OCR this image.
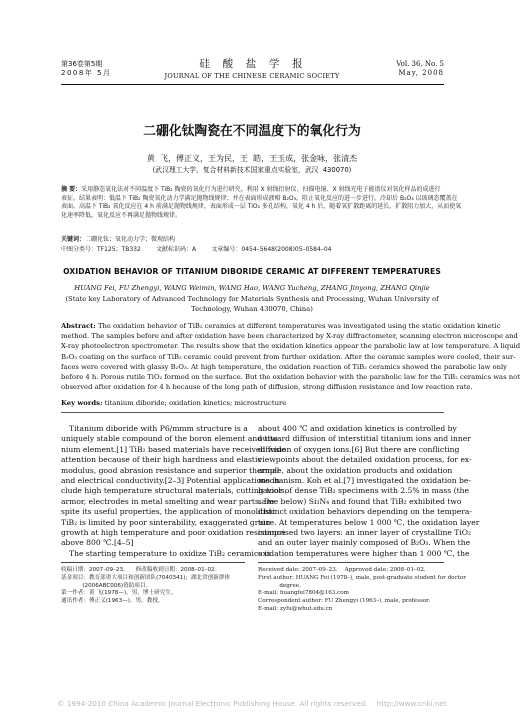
第36卷第5期
2008年 5月
硅  酸  盐  学  报
JOURNAL OF THE CHINESE CERAMIC SOCIETY
Vol. 36, No. 5
May, 2008
二硼化钛陶瓷在不同温度下的氧化行为
黄  飞，傅正义，王为民，王  皓，王玉成，张金咏，张清杰
(武汉理工大学，复合材料新技术国家重点实验室，武汉  430070)
摘 要：采用静态氧化法对不同温度下 TiB₂ 陶瓷的氧化行为进行研究。利用 X 射线衍射仪、扫描电镜、X 射线光电子能谱仪对氧化样品的成进行
表征。结果表明：低温下 TiB₂ 陶瓷氧化动力学满足抛物线规律；并在表面形成液相 B₂O₃，阻止氧化反应的进一步进行。冷却后 B₂O₃ 以玻璃态覆盖在
表面。高温下 TiB₂ 氧化反应在 4 h 前满足抛物线规律，表面形成一层 TiO₂ 多孔结构，氧化 4 h 后，随着氧扩散距离的延长，扩散阻力加大，从而使氧
化速率降低，氧化反应不再满足抛物线规律。
关键词：二硼化钛；氧化动力学；微观结构
中图分类号：TF125；TB332        文献标识码：A        文章编号：0454–5648(2008)05–0584–04
OXIDATION BEHAVIOR OF TITANIUM DIBORIDE CERAMIC AT DIFFERENT TEMPERATURES
HUANG Fei, FU Zhengyi, WANG Weimin, WANG Hao, WANG Yucheng, ZHANG Jinyong, ZHANG Qinjie
(State key Laboratory of Advanced Technology for Materials Synthesis and Processing, Wuhan University of
Technology, Wuhan 430070, China)
Abstract: The oxidation behavior of TiB₂ ceramics at different temperatures was investigated using the static oxidation kinetic
method. The samples before and after oxidation have been characterized by X-ray diffractometer, scanning electron microscope and
X-ray photoelectron spectrometer. The results show that the oxidation kinetics appear the parabolic law at low temperature. A liquid
B₂O₃ coating on the surface of TiB₂ ceramic could prevent from further oxidation. After the ceramic samples were cooled, their sur-
faces were covered with glassy B₂O₃. At high temperature, the oxidation reaction of TiB₂ ceramics showed the parabolic law only
before 4 h. Porous rutile TiO₂ formed on the surface. But the oxidation behavior with the parabolic law for the TiB₂ ceramics was not
observed after oxidation for 4 h because of the long path of diffusion, strong diffusion resistance and low reaction rate.
Key words: titanium diboride; oxidation kinetics; microstructure
Titanium diboride with P6/mmm structure is a
uniquely stable compound of the boron element and tita-
nium element.[1] TiB₂ based materials have received wide
attention because of their high hardness and elastic
modulus, good abrasion resistance and superior thermal
and electrical conductivity.[2–3] Potential applications in-
clude high temperature structural materials, cutting tools,
armor, electrodes in metal smelting and wear parts. De-
spite its useful properties, the application of monolithic
TiB₂ is limited by poor sinterability, exaggerated grain
growth at high temperature and poor oxidation resistance
above 800 ℃.[4–5]
The starting temperature to oxidize TiB₂ ceramics is
about 400 ℃ and oxidation kinetics is controlled by
outward diffusion of interstitial titanium ions and inner
diffusion of oxygen ions.[6] But there are conflicting
viewpoints about the detailed oxidation process, for ex-
ample, about the oxidation products and oxidation
mechanism. Koh et al.[7] investigated the oxidation be-
havior of dense TiB₂ specimens with 2.5% in mass (the
same below) Si₃N₄ and found that TiB₂ exhibited two
distinct oxidation behaviors depending on the tempera-
ture. At temperatures below 1 000 ℃, the oxidation layer
comprised two layers: an inner layer of crystalline TiO₂
and an outer layer mainly composed of B₂O₃. When the
oxidation temperatures were higher than 1 000 ℃, the
收稿日期：2007–09–23。    修改稿收到日期：2008–01–02。
基金项目：教育部重大项目和创新团队(7040341)；湖北省创新群体
(2006ABC006)资助项目。
第一作者：黄 飞(1978—)，男，博士研究生。
通讯作者：傅正义(1963—)，男，教授。
Received date: 2007–09–23.    Approved date: 2008–01–02.
First author: HUANG Fei (1978–), male, post-graduate student for doctor
degree.
E-mail: huangfei7804@163.com
Correspondent author: FU Zhengyi (1963–), male, professor.
E-mail: zyfu@whut.edu.cn
© 1994-2010 China Academic Journal Electronic Publishing House. All rights reserved.    http://www.cnki.net
